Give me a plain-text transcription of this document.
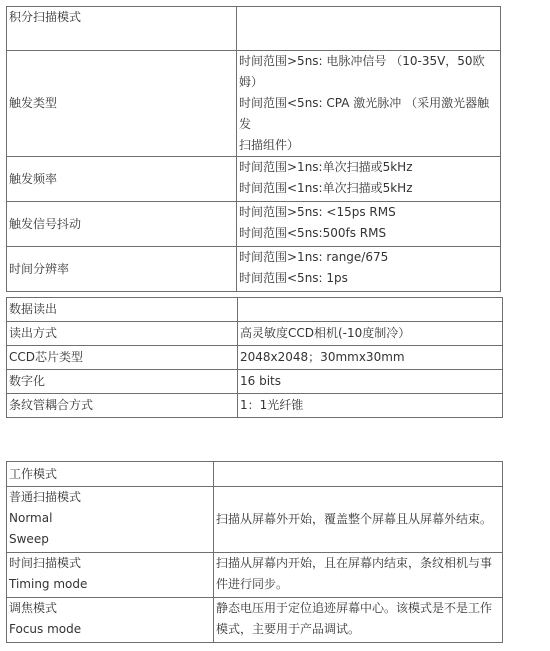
积分扫描模式	
触发类型	时间范围>5ns: 电脉冲信号 （10-35V，50欧姆）
时间范围<5ns: CPA 激光脉冲 （采用激光器触发
扫描组件）

触发频率	时间范围>1ns:单次扫描或5kHz
时间范围<1ns:单次扫描或5kHz

触发信号抖动	时间范围>5ns: <15ps RMS
时间范围<5ns:500fs RMS

时间分辨率	时间范围>1ns: range/675
时间范围<5ns: 1ps
数据读出	
读出方式	高灵敏度CCD相机(-10度制冷）
CCD芯片类型	2048x2048；30mmx30mm
数字化	16 bits
条纹管耦合方式	1：1光纤锥
工作模式	

普通扫描模式
Normal
Sweep	扫描从屏幕外开始，覆盖整个屏幕且从屏幕外结束。

时间扫描模式
Timing mode	扫描从屏幕内开始，且在屏幕内结束，条纹相机与事
件进行同步。

调焦模式
Focus mode	静态电压用于定位追迹屏幕中心。该模式是不是工作
模式，主要用于产品调试。
